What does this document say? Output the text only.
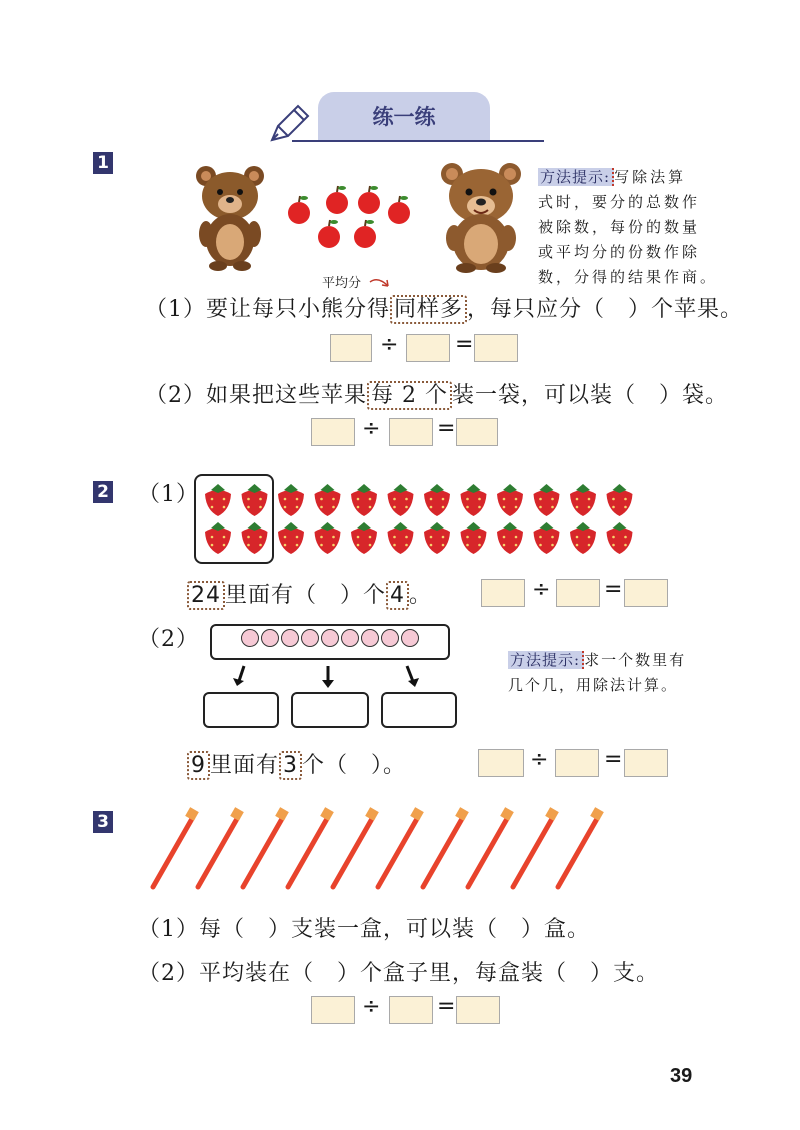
练一练
1
方法提示: 写除法算
式时，要分的总数作
被除数，每份的数量
或平均分的份数作除
数，分得的结果作商。
平均分
（1）要让每只小熊分得 同样多 ，每只应分（　）个苹果。
÷	=
（2）如果把这些苹果 每 2 个 装一袋，可以装（　）袋。
÷	=
2 （1）
24 里面有（　）个 4 。	÷ =
（2）
方法提示: 求一个数里有
几个几，用除法计算。
9 里面有 3 个（　）。	÷	=
3
（1）每（　）支装一盒，可以装（　）盒。
（2）平均装在（　）个盒子里，每盒装（　）支。
÷	=
39
